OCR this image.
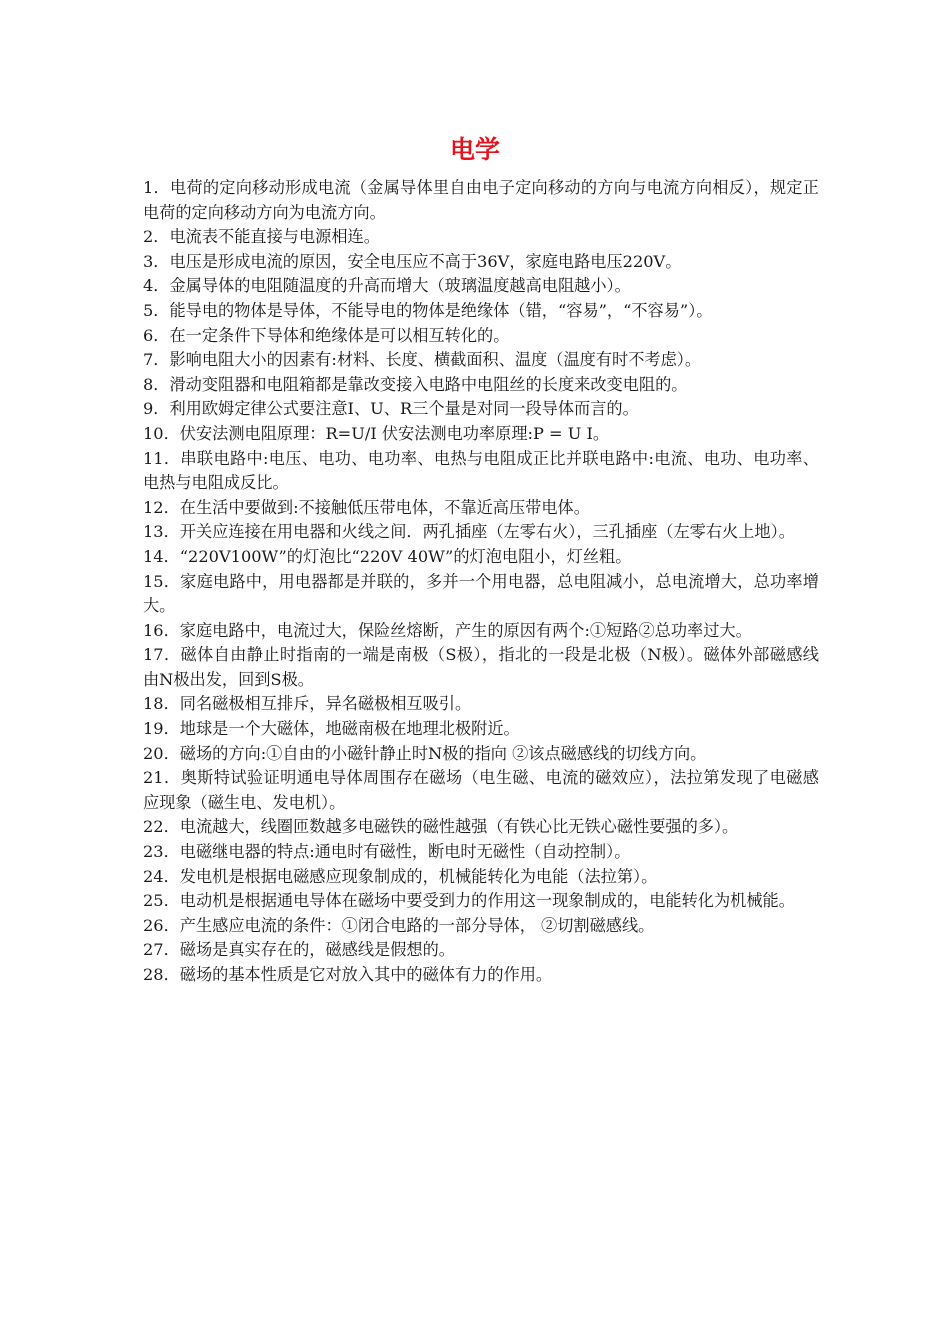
电学

1．电荷的定向移动形成电流（金属导体里自由电子定向移动的方向与电流方向相反），规定正电荷的定向移动方向为电流方向。

2．电流表不能直接与电源相连。

3．电压是形成电流的原因，安全电压应不高于36V，家庭电路电压220V。

4．金属导体的电阻随温度的升高而增大（玻璃温度越高电阻越小）。

5．能导电的物体是导体，不能导电的物体是绝缘体（错，“容易”，“不容易”）。

6．在一定条件下导体和绝缘体是可以相互转化的。

7．影响电阻大小的因素有:材料、长度、横截面积、温度（温度有时不考虑）。

8．滑动变阻器和电阻箱都是靠改变接入电路中电阻丝的长度来改变电阻的。

9．利用欧姆定律公式要注意I、U、R三个量是对同一段导体而言的。

10．伏安法测电阻原理：R=U/I 伏安法测电功率原理:P = U I。

11．串联电路中:电压、电功、电功率、电热与电阻成正比并联电路中:电流、电功、电功率、电热与电阻成反比。

12．在生活中要做到:不接触低压带电体，不靠近高压带电体。

13．开关应连接在用电器和火线之间．两孔插座（左零右火），三孔插座（左零右火上地）。

14．“220V100W”的灯泡比“220V 40W”的灯泡电阻小，灯丝粗。

15．家庭电路中，用电器都是并联的，多并一个用电器，总电阻减小，总电流增大，总功率增大。

16．家庭电路中，电流过大，保险丝熔断，产生的原因有两个:①短路②总功率过大。

17．磁体自由静止时指南的一端是南极（S极），指北的一段是北极（N极）。磁体外部磁感线由N极出发，回到S极。

18．同名磁极相互排斥，异名磁极相互吸引。

19．地球是一个大磁体，地磁南极在地理北极附近。

20．磁场的方向:①自由的小磁针静止时N极的指向 ②该点磁感线的切线方向。

21．奥斯特试验证明通电导体周围存在磁场（电生磁、电流的磁效应），法拉第发现了电磁感应现象（磁生电、发电机）。

22．电流越大，线圈匝数越多电磁铁的磁性越强（有铁心比无铁心磁性要强的多）。

23．电磁继电器的特点:通电时有磁性，断电时无磁性（自动控制）。

24．发电机是根据电磁感应现象制成的，机械能转化为电能（法拉第）。

25．电动机是根据通电导体在磁场中要受到力的作用这一现象制成的，电能转化为机械能。

26．产生感应电流的条件：①闭合电路的一部分导体， ②切割磁感线。

27．磁场是真实存在的，磁感线是假想的。

28．磁场的基本性质是它对放入其中的磁体有力的作用。
